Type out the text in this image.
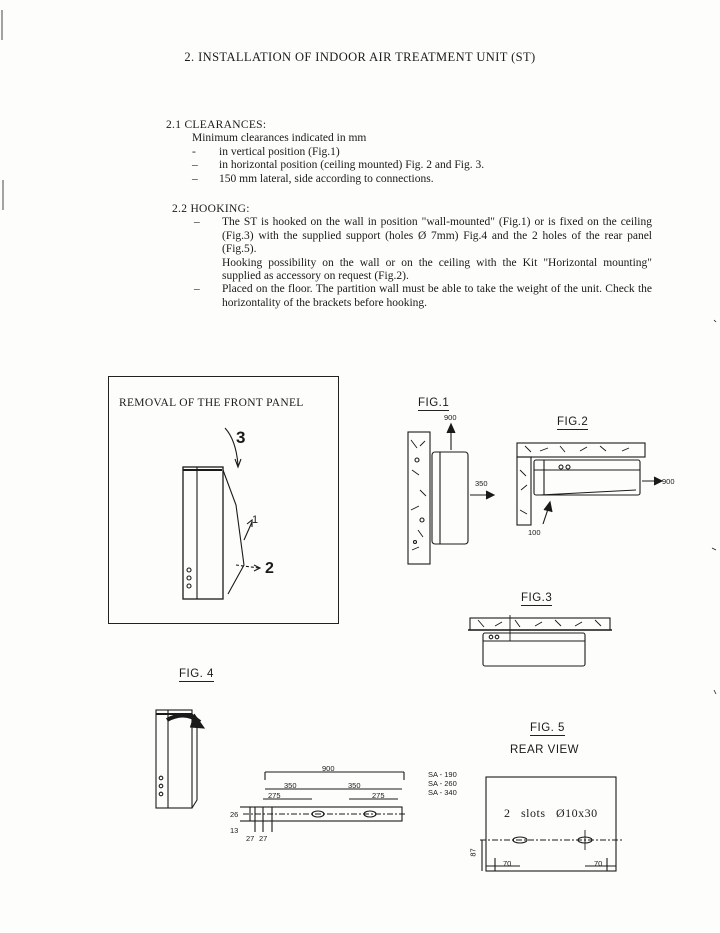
2. INSTALLATION OF INDOOR AIR TREATMENT UNIT (ST)
2.1 CLEARANCES:
Minimum clearances indicated in mm
- in vertical position (Fig.1)
– in horizontal position (ceiling mounted) Fig. 2 and Fig. 3.
– 150 mm lateral, side according to connections.
2.2 HOOKING:
– The ST is hooked on the wall in position "wall-mounted" (Fig.1) or is fixed on the ceiling (Fig.3) with the supplied support (holes Ø 7mm) Fig.4 and the 2 holes of the rear panel (Fig.5).
Hooking possibility on the wall or on the ceiling with the Kit "Horizontal mounting" supplied as accessory on request (Fig.2).
– Placed on the floor. The partition wall must be able to take the weight of the unit. Check the horizontality of the brackets before hooking.
REMOVAL OF THE FRONT PANEL	FIG.1
FIG.2
FIG.3
FIG. 4
FIG. 5
REAR VIEW
3
1
2
900
350	900
100
900
350	350
275	275
26
13
27 27
SA - 190
SA - 260
SA - 340
2 slots Ø10x30
87
70	70
